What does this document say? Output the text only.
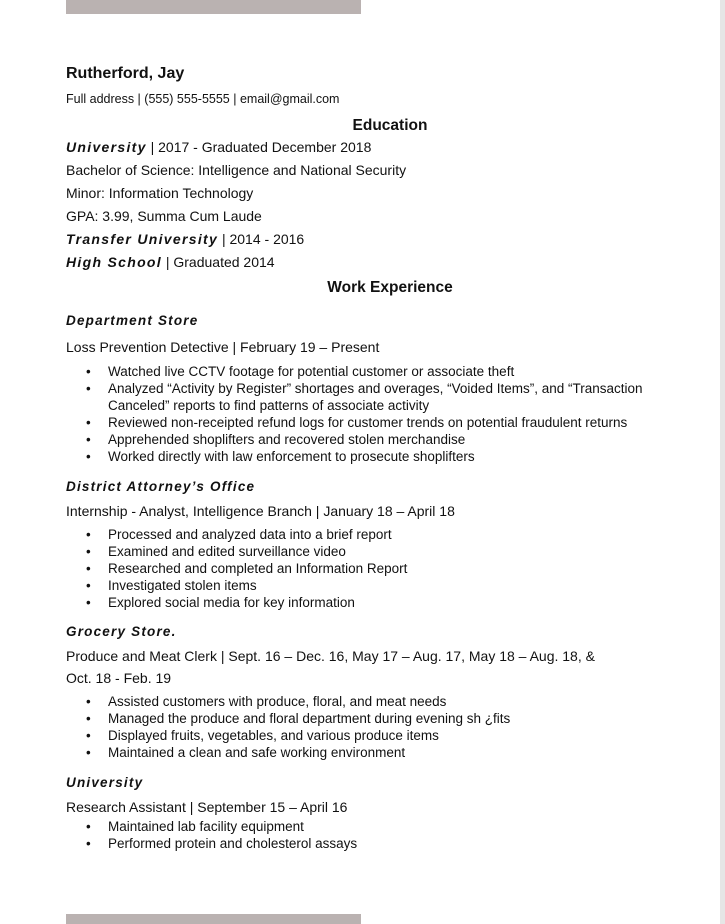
Rutherford, Jay
Full address | (555) 555-5555 | email@gmail.com
Education
University | 2017 - Graduated December 2018
Bachelor of Science: Intelligence and National Security
Minor: Information Technology
GPA: 3.99, Summa Cum Laude
Transfer University | 2014 - 2016
High School | Graduated 2014
Work Experience
Department Store
Loss Prevention Detective | February 19 – Present
• Watched live CCTV footage for potential customer or associate theft
• Analyzed “Activity by Register” shortages and overages, “Voided Items”, and “Transaction Canceled” reports to find patterns of associate activity
• Reviewed non-receipted refund logs for customer trends on potential fraudulent returns
• Apprehended shoplifters and recovered stolen merchandise
• Worked directly with law enforcement to prosecute shoplifters
District Attorney’s Office
Internship - Analyst, Intelligence Branch | January 18 – April 18
• Processed and analyzed data into a brief report
• Examined and edited surveillance video
• Researched and completed an Information Report
• Investigated stolen items
• Explored social media for key information
Grocery Store.
Produce and Meat Clerk | Sept. 16 – Dec. 16, May 17 – Aug. 17, May 18 – Aug. 18, &
Oct. 18 - Feb. 19
• Assisted customers with produce, floral, and meat needs
• Managed the produce and floral department during evening sh ¿fits
• Displayed fruits, vegetables, and various produce items
• Maintained a clean and safe working environment
University
Research Assistant | September 15 – April 16
• Maintained lab facility equipment
• Performed protein and cholesterol assays
